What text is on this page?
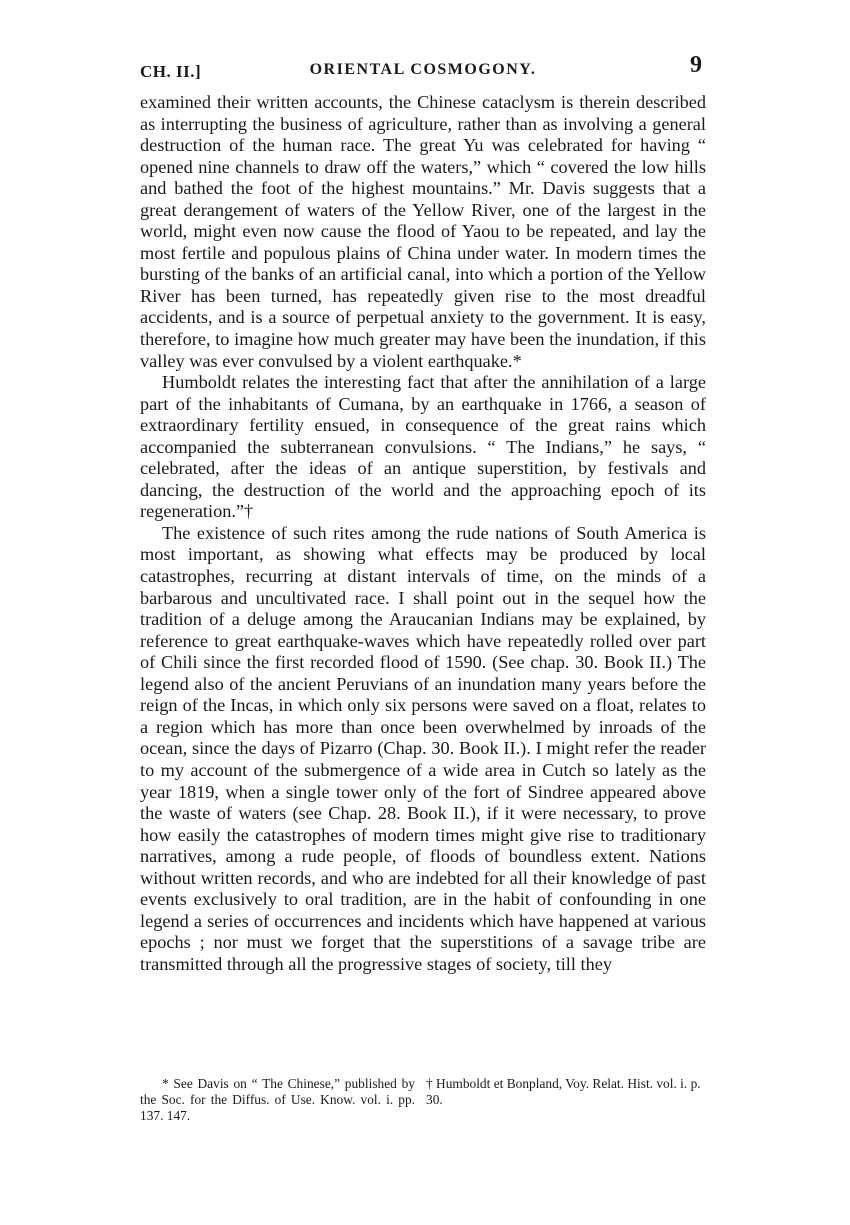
CH. II.]	ORIENTAL COSMOGONY.	9

examined their written accounts, the Chinese cataclysm is therein described as interrupting the business of agriculture, rather than as involving a general destruction of the human race. The great Yu was celebrated for having “ opened nine channels to draw off the waters,” which “ covered the low hills and bathed the foot of the highest mountains.” Mr. Davis suggests that a great derangement of waters of the Yellow River, one of the largest in the world, might even now cause the flood of Yaou to be repeated, and lay the most fertile and populous plains of China under water. In modern times the bursting of the banks of an artificial canal, into which a portion of the Yellow River has been turned, has repeatedly given rise to the most dreadful accidents, and is a source of perpetual anxiety to the government. It is easy, therefore, to imagine how much greater may have been the inundation, if this valley was ever convulsed by a violent earthquake.*

Humboldt relates the interesting fact that after the annihilation of a large part of the inhabitants of Cumana, by an earthquake in 1766, a season of extraordinary fertility ensued, in consequence of the great rains which accompanied the subterranean convulsions. “ The Indians,” he says, “ celebrated, after the ideas of an antique superstition, by festivals and dancing, the destruction of the world and the approaching epoch of its regeneration.”†

The existence of such rites among the rude nations of South America is most important, as showing what effects may be produced by local catastrophes, recurring at distant intervals of time, on the minds of a barbarous and uncultivated race. I shall point out in the sequel how the tradition of a deluge among the Araucanian Indians may be explained, by reference to great earthquake-waves which have repeatedly rolled over part of Chili since the first recorded flood of 1590. (See chap. 30. Book II.) The legend also of the ancient Peruvians of an inundation many years before the reign of the Incas, in which only six persons were saved on a float, relates to a region which has more than once been overwhelmed by inroads of the ocean, since the days of Pizarro (Chap. 30. Book II.). I might refer the reader to my account of the submergence of a wide area in Cutch so lately as the year 1819, when a single tower only of the fort of Sindree appeared above the waste of waters (see Chap. 28. Book II.), if it were necessary, to prove how easily the catastrophes of modern times might give rise to traditionary narratives, among a rude people, of floods of boundless extent. Nations without written records, and who are indebted for all their knowledge of past events exclusively to oral tradition, are in the habit of confounding in one legend a series of occurrences and incidents which have happened at various epochs ; nor must we forget that the superstitions of a savage tribe are transmitted through all the progressive stages of society, till they

* See Davis on “ The Chinese,” published by the Soc. for the Diffus. of Use. Know. vol. i. pp. 137. 147.
† Humboldt et Bonpland, Voy. Relat. Hist. vol. i. p. 30.
